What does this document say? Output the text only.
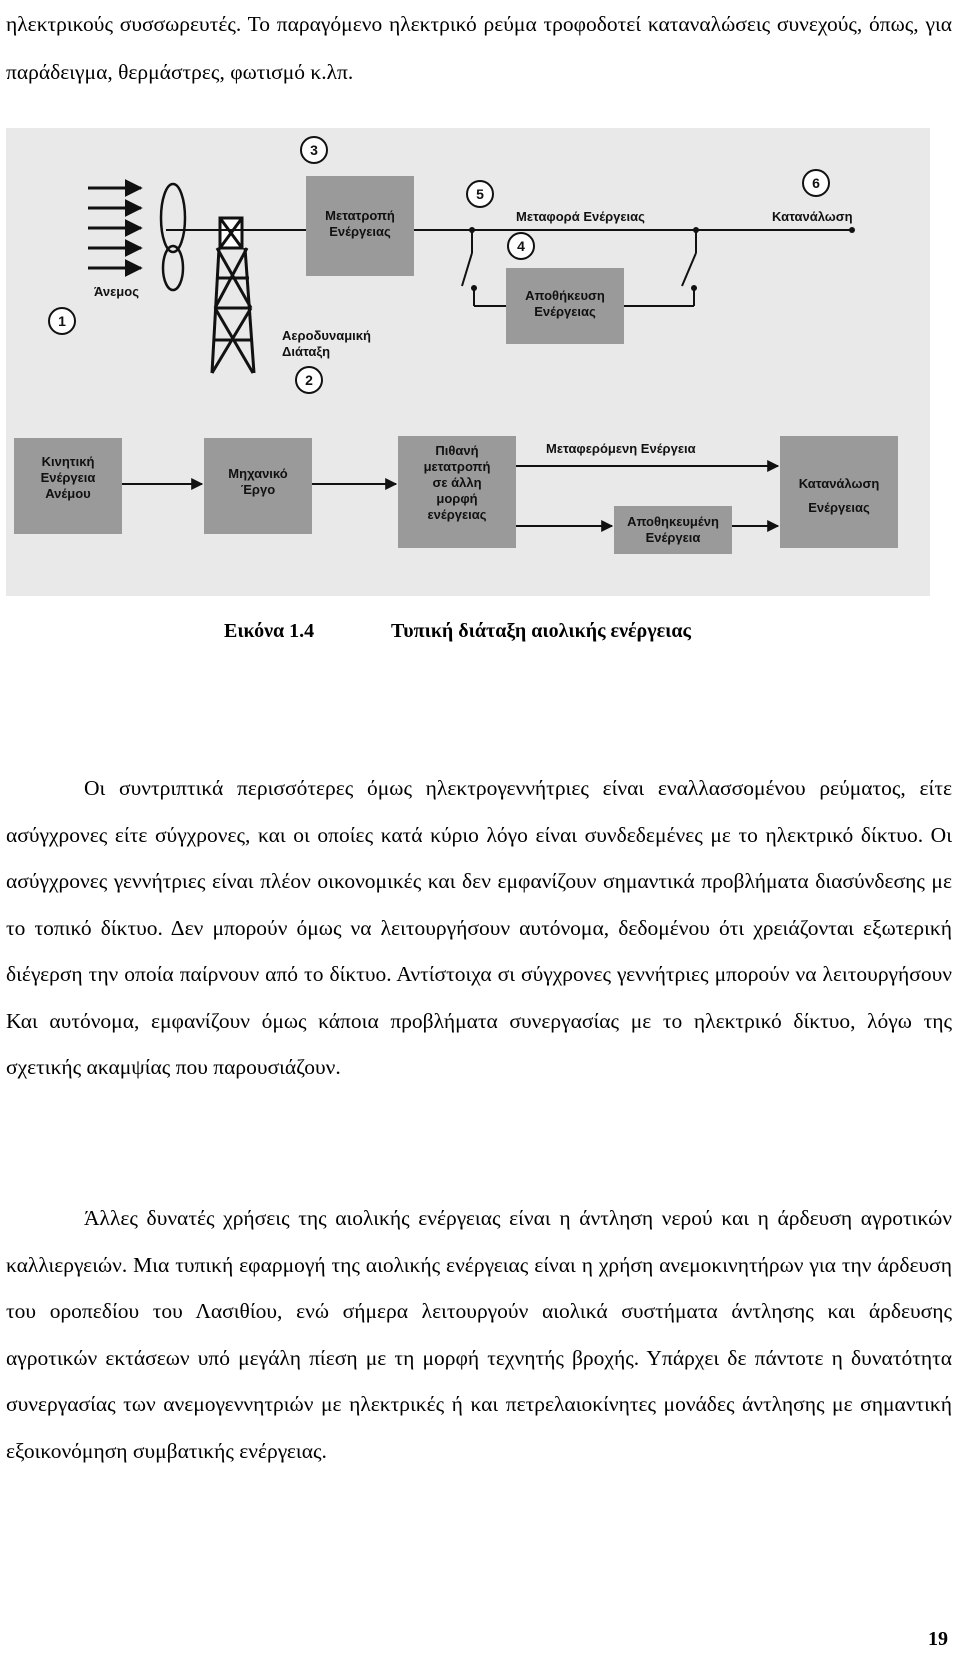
ηλεκτρικούς συσσωρευτές. Το παραγόμενο ηλεκτρικό ρεύμα τροφοδοτεί καταναλώσεις συνεχούς, όπως, για παράδειγμα, θερμάστρες, φωτισμό κ.λπ.

Άνεμος
1
Μετατροπή
Ενέργειας
3
5
Μεταφορά Ενέργειας
6
Κατανάλωση
4
Αποθήκευση
Ενέργειας
Αεροδυναμική
Διάταξη
2
Κινητική
Ενέργεια
Ανέμου
Μηχανικό
Έργο
Πιθανή
μετατροπή
σε άλλη
μορφή
ενέργειας
Μεταφερόμενη Ενέργεια
Αποθηκευμένη
Ενέργεια
Κατανάλωση
Ενέργειας
Εικόνα 1.4	Τυπική διάταξη αιολικής ενέργειας

Οι συντριπτικά περισσότερες όμως ηλεκτρογεννήτριες είναι εναλλασσομένου ρεύματος, είτε ασύγχρονες είτε σύγχρονες, και οι οποίες κατά κύριο λόγο είναι συνδεδεμένες με το ηλεκτρικό δίκτυο. Οι ασύγχρονες γεννήτριες είναι πλέον οικονομικές και δεν εμφανίζουν σημαντικά προβλήματα διασύνδεσης με το τοπικό δίκτυο. Δεν μπορούν όμως να λειτουργήσουν αυτόνομα, δεδομένου ότι χρειάζονται εξωτερική διέγερση την οποία παίρνουν από το δίκτυο. Αντίστοιχα σι σύγχρονες γεννήτριες μπορούν να λειτουργήσουν Και αυτόνομα, εμφανίζουν όμως κάποια προβλήματα συνεργασίας με το ηλεκτρικό δίκτυο, λόγω της σχετικής ακαμψίας που παρουσιάζουν.

Άλλες δυνατές χρήσεις της αιολικής ενέργειας είναι η άντληση νερού και η άρδευση αγροτικών καλλιεργειών. Μια τυπική εφαρμογή της αιολικής ενέργειας είναι η χρήση ανεμοκινητήρων για την άρδευση του οροπεδίου του Λασιθίου, ενώ σήμερα λειτουργούν αιολικά συστήματα άντλησης και άρδευσης αγροτικών εκτάσεων υπό μεγάλη πίεση με τη μορφή τεχνητής βροχής. Υπάρχει δε πάντοτε η δυνατότητα συνεργασίας των ανεμογεννητριών με ηλεκτρικές ή και πετρελαιοκίνητες μονάδες άντλησης με σημαντική εξοικονόμηση συμβατικής ενέργειας.

19
